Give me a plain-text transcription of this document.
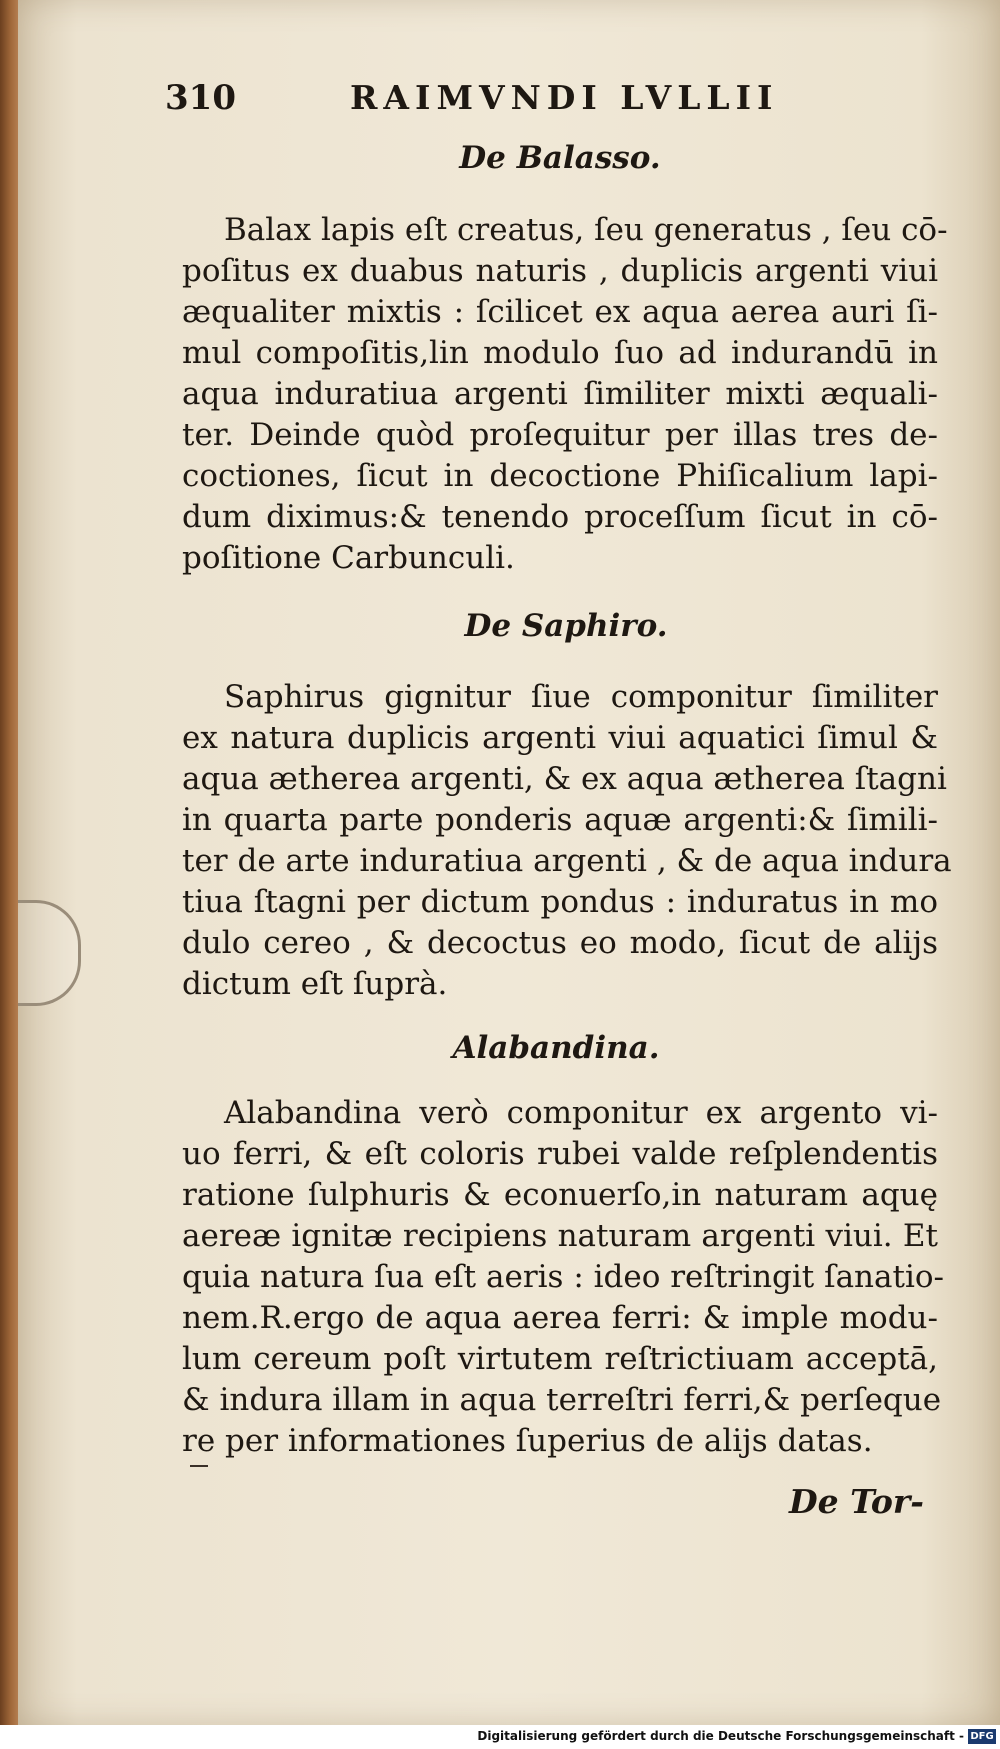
310	RAIMVNDI LVLLII
De Balasso.

Balax lapis eſt creatus, ſeu generatus , ſeu cō-

poſitus ex duabus naturis , duplicis argenti viui

æqualiter mixtis : ſcilicet ex aqua aerea auri ſi-

mul compoſitis,lin modulo ſuo ad indurandū in

aqua induratiua argenti ſimiliter mixti æquali-

ter. Deinde quòd proſequitur per illas tres de-

coctiones, ſicut in decoctione Phiſicalium lapi-

dum diximus:& tenendo proceſſum ſicut in cō-

poſitione Carbunculi.

De Saphiro.

Saphirus gignitur ſiue componitur ſimiliter

ex natura duplicis argenti viui aquatici ſimul &

aqua ætherea argenti, & ex aqua ætherea ſtagni

in quarta parte ponderis aquæ argenti:& ſimili-

ter de arte induratiua argenti , & de aqua indura

tiua ſtagni per dictum pondus : induratus in mo

dulo cereo , & decoctus eo modo, ſicut de alijs

dictum eſt ſuprà.

Alabandina.

Alabandina verò componitur ex argento vi-

uo ferri, & eſt coloris rubei valde reſplendentis

ratione ſulphuris & econuerſo,in naturam aquę

aereæ ignitæ recipiens naturam argenti viui. Et

quia natura ſua eſt aeris : ideo reſtringit ſanatio-

nem.R.ergo de aqua aerea ferri: & imple modu-

lum cereum poſt virtutem reſtrictiuam acceptā,

& indura illam in aqua terreſtri ferri,& perſeque

re per informationes ſuperius de alijs datas.

De Tor-
Digitalisierung gefördert durch die Deutsche Forschungsgemeinschaft - DFG
